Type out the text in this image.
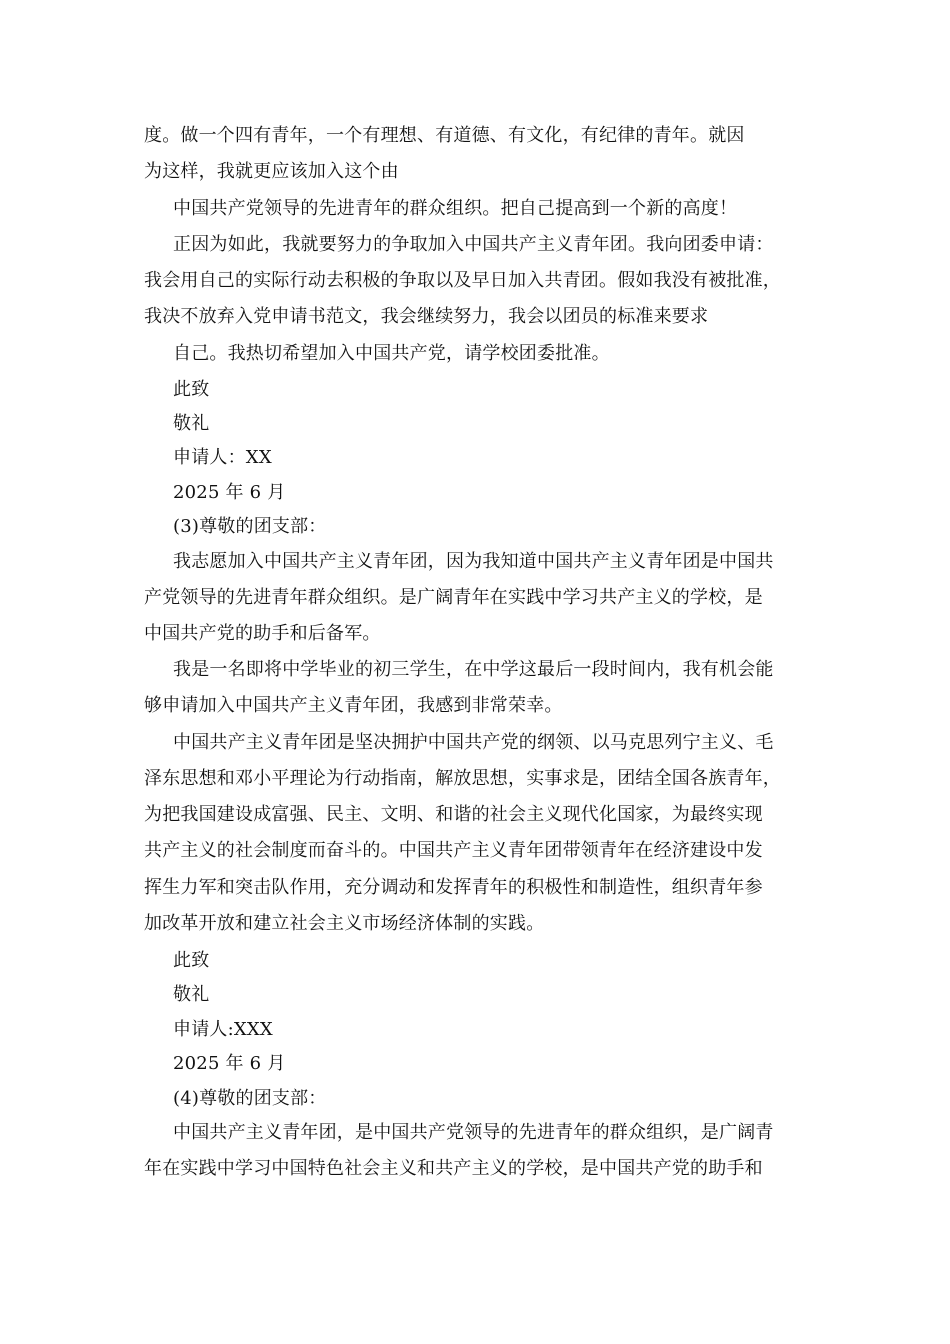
度。做一个四有青年，一个有理想、有道德、有文化，有纪律的青年。就因
为这样，我就更应该加入这个由
中国共产党领导的先进青年的群众组织。把自己提高到一个新的高度！
正因为如此，我就要努力的争取加入中国共产主义青年团。我向团委申请：
我会用自己的实际行动去积极的争取以及早日加入共青团。假如我没有被批准，
我决不放弃入党申请书范文，我会继续努力，我会以团员的标准来要求
自己。我热切希望加入中国共产党，请学校团委批准。
此致
敬礼
申请人：XX
2025 年 6 月
(3)尊敬的团支部：
我志愿加入中国共产主义青年团，因为我知道中国共产主义青年团是中国共
产党领导的先进青年群众组织。是广阔青年在实践中学习共产主义的学校，是
中国共产党的助手和后备军。
我是一名即将中学毕业的初三学生，在中学这最后一段时间内，我有机会能
够申请加入中国共产主义青年团，我感到非常荣幸。
中国共产主义青年团是坚决拥护中国共产党的纲领、以马克思列宁主义、毛
泽东思想和邓小平理论为行动指南，解放思想，实事求是，团结全国各族青年，
为把我国建设成富强、民主、文明、和谐的社会主义现代化国家，为最终实现
共产主义的社会制度而奋斗的。中国共产主义青年团带领青年在经济建设中发
挥生力军和突击队作用，充分调动和发挥青年的积极性和制造性，组织青年参
加改革开放和建立社会主义市场经济体制的实践。
此致
敬礼
申请人:XXX
2025 年 6 月
(4)尊敬的团支部：
中国共产主义青年团，是中国共产党领导的先进青年的群众组织，是广阔青
年在实践中学习中国特色社会主义和共产主义的学校，是中国共产党的助手和
